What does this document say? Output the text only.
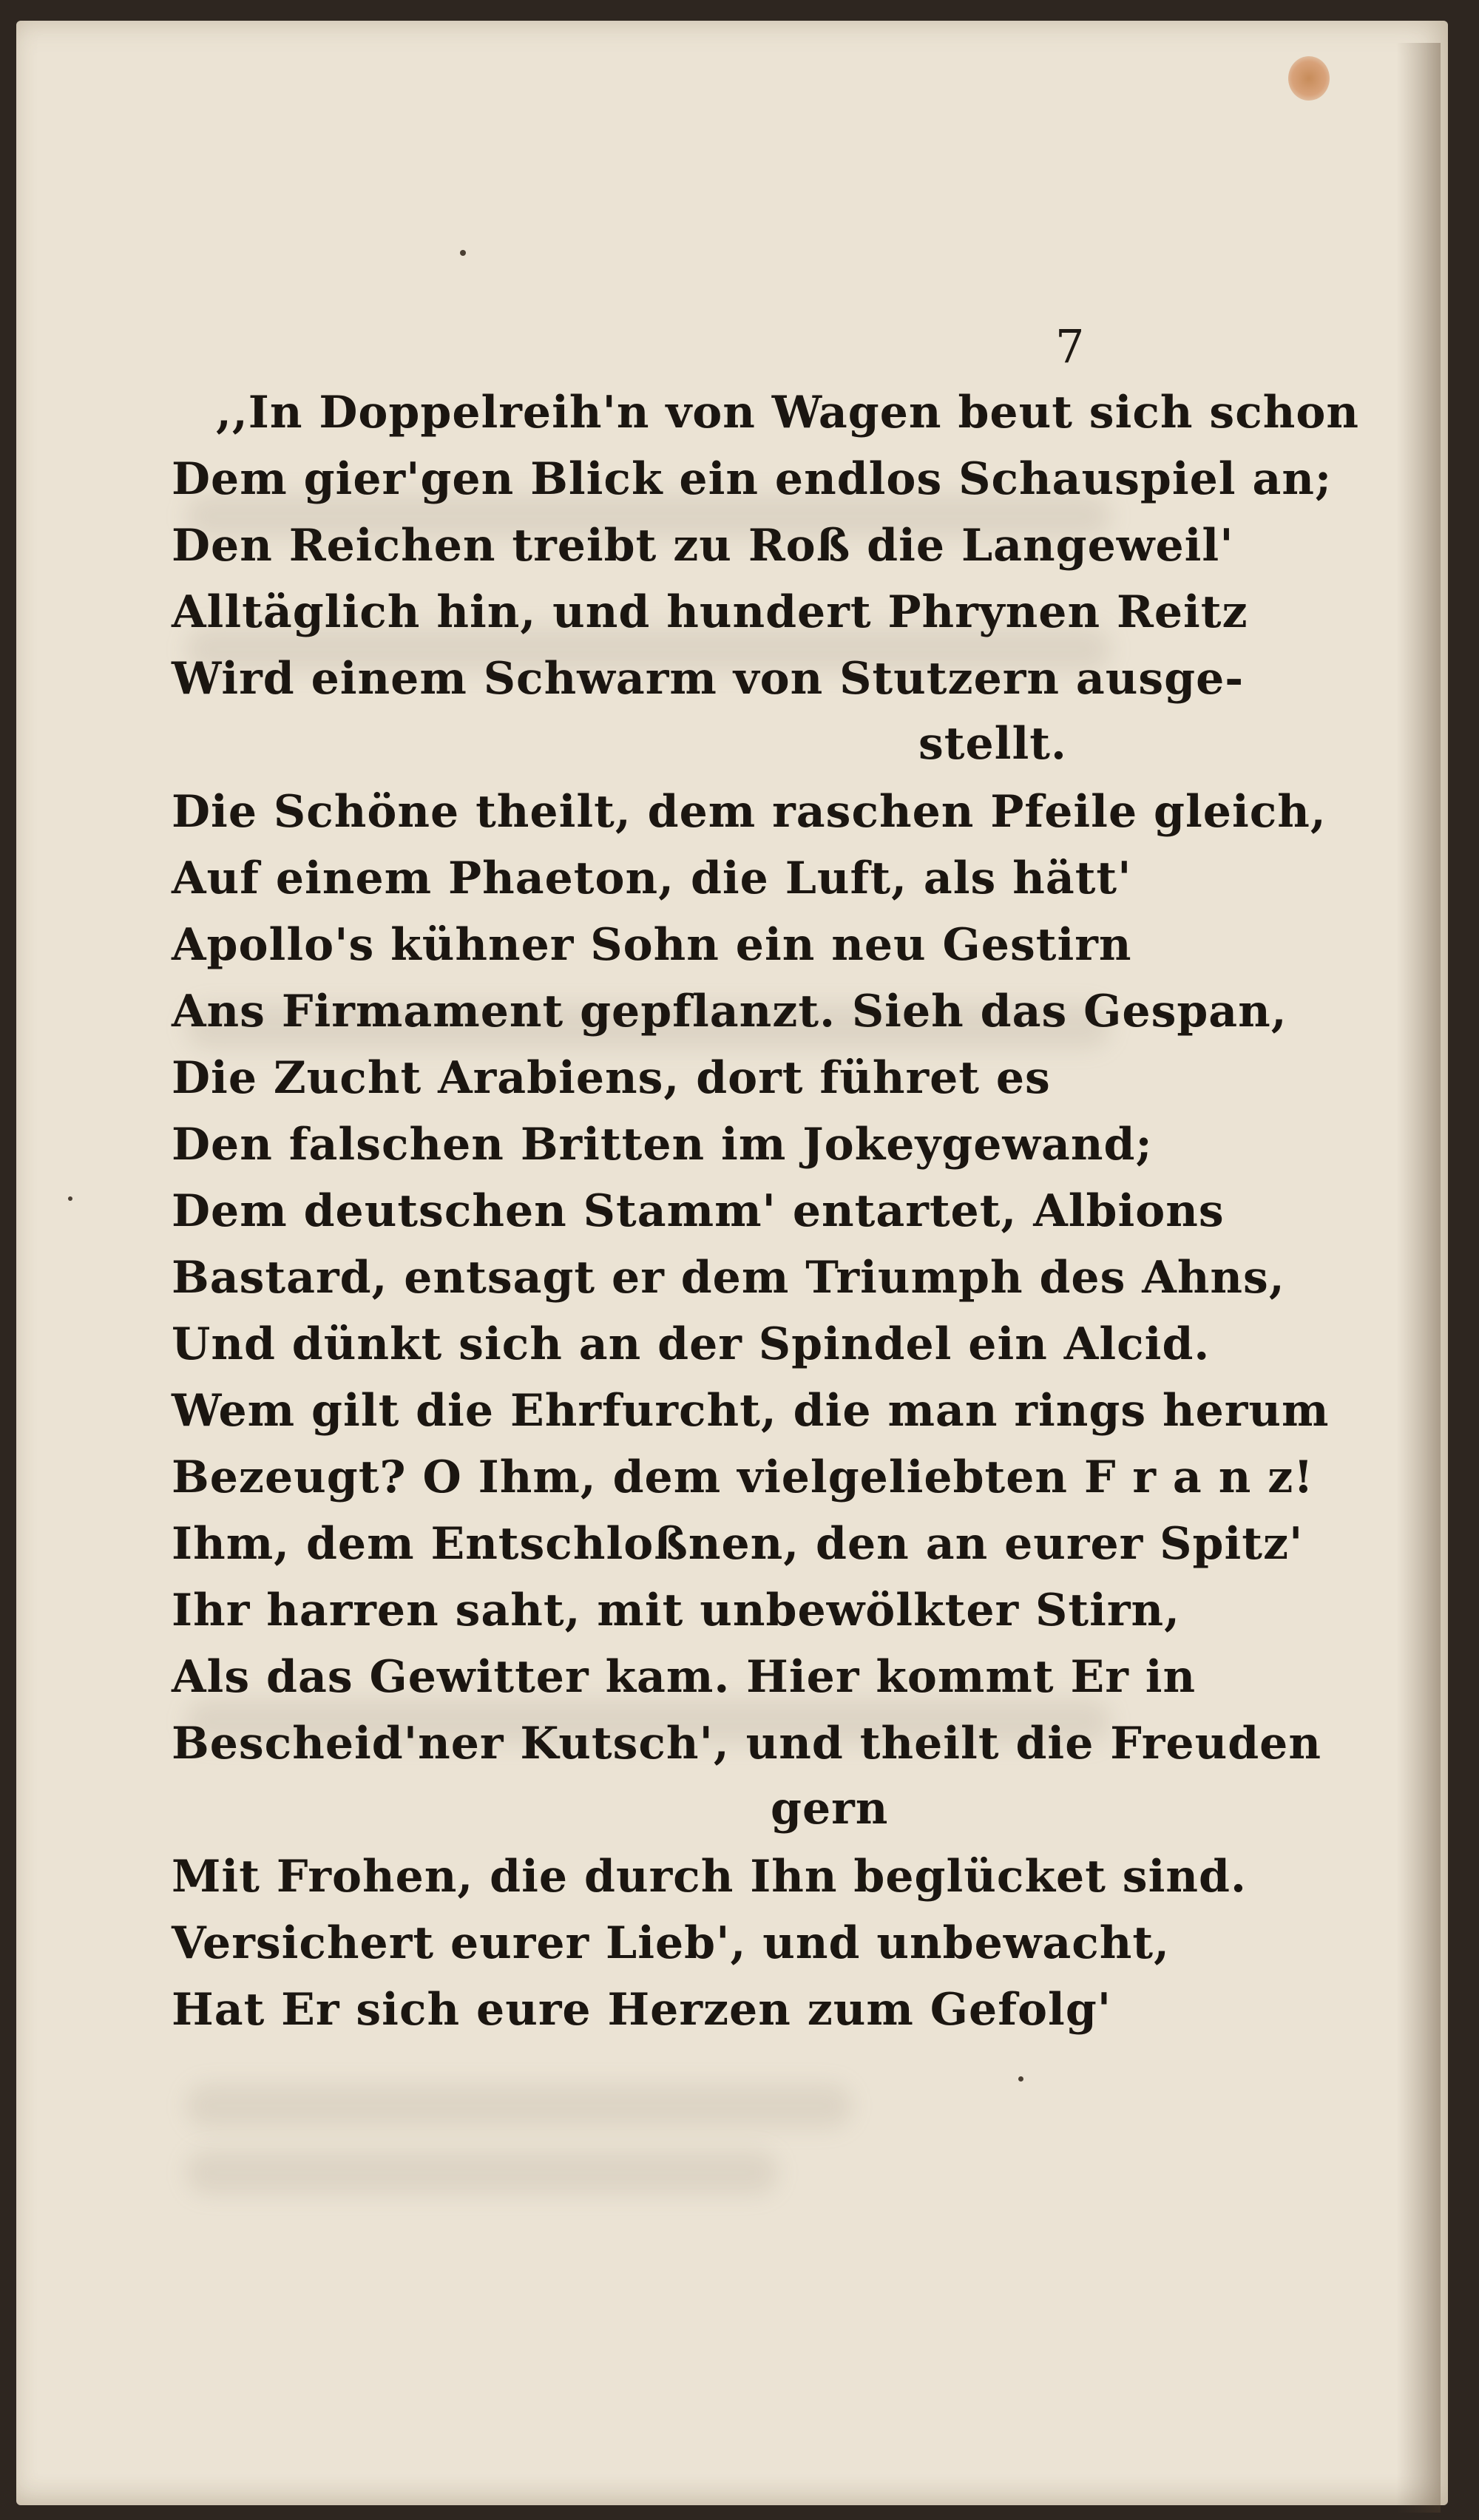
7
,,In Doppelreih'n von Wagen beut sich schon
Dem gier'gen Blick ein endlos Schauspiel an;
Den Reichen treibt zu Roß die Langeweil'
Alltäglich hin, und hundert Phrynen Reitz
Wird einem Schwarm von Stutzern ausge-
stellt.
Die Schöne theilt, dem raschen Pfeile gleich,
Auf einem Phaeton, die Luft, als hätt'
Apollo's kühner Sohn ein neu Gestirn
Ans Firmament gepflanzt. Sieh das Gespan,
Die Zucht Arabiens, dort führet es
Den falschen Britten im Jokeygewand;
Dem deutschen Stamm' entartet, Albions
Bastard, entsagt er dem Triumph des Ahns,
Und dünkt sich an der Spindel ein Alcid.
Wem gilt die Ehrfurcht, die man rings herum
Bezeugt? O Ihm, dem vielgeliebten F r a n z!
Ihm, dem Entschloßnen, den an eurer Spitz'
Ihr harren saht, mit unbewölkter Stirn,
Als das Gewitter kam. Hier kommt Er in
Bescheid'ner Kutsch', und theilt die Freuden
gern
Mit Frohen, die durch Ihn beglücket sind.
Versichert eurer Lieb', und unbewacht,
Hat Er sich eure Herzen zum Gefolg'
